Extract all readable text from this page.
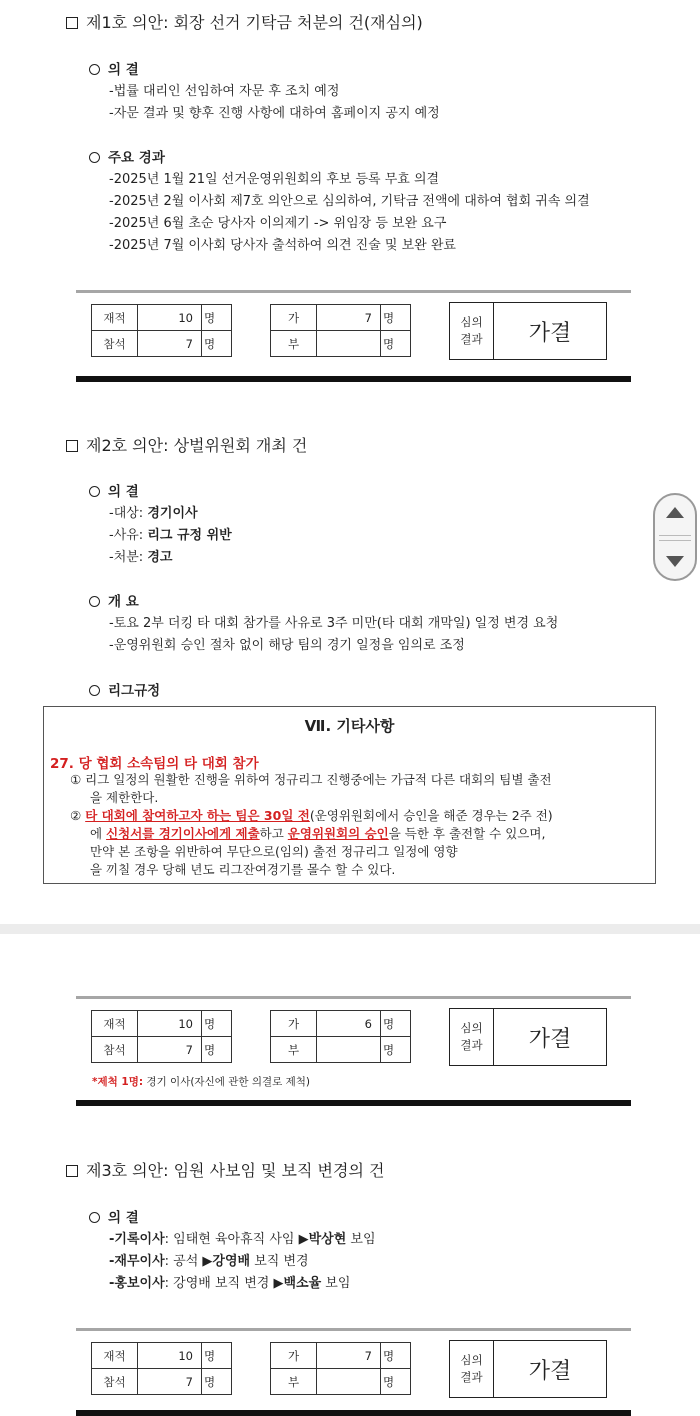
제1호 의안: 회장 선거 기탁금 처분의 건(재심의)
의 결
-법률 대리인 선임하여 자문 후 조치 예정
-자문 결과 및 향후 진행 사항에 대하여 홈페이지 공지 예정
주요 경과
-2025년 1월 21일 선거운영위원회의 후보 등록 무효 의결
-2025년 2월 이사회 제7호 의안으로 심의하여, 기탁금 전액에 대하여 협회 귀속 의결
-2025년 6월 초순 당사자 이의제기 -> 위임장 등 보완 요구
-2025년 7월 이사회 당사자 출석하여 의견 진술 및 보완 완료
재적	10	명
참석	7	명
가	7	명
부		명
심의
결과	가결
제2호 의안: 상벌위원회 개최 건
의 결
-대상: 경기이사
-사유: 리그 규정 위반
-처분: 경고
개 요
-토요 2부 더킹 타 대회 참가를 사유로 3주 미만(타 대회 개막일) 일정 변경 요청
-운영위원회 승인 절차 없이 해당 팀의 경기 일정을 임의로 조정
리그규정
Ⅶ. 기타사항
27. 당 협회 소속팀의 타 대회 참가
① 리그 일정의 원활한 진행을 위하여 정규리그 진행중에는 가급적 다른 대회의 팀별 출전
을 제한한다.
② 타 대회에 참여하고자 하는 팀은 30일 전(운영위원회에서 승인을 해준 경우는 2주 전)
에 신청서를 경기이사에게 제출하고 운영위원회의 승인을 득한 후 출전할 수 있으며,
만약 본 조항을 위반하여 무단으로(임의) 출전 정규리그 일정에 영향
을 끼칠 경우 당해 년도 리그잔여경기를 몰수 할 수 있다.
재적	10	명
참석	7	명
가	6	명
부		명
심의
결과	가결
*제척 1명: 경기 이사(자신에 관한 의결로 제척)
제3호 의안: 임원 사보임 및 보직 변경의 건
의 결
-기록이사: 임태현 육아휴직 사임 ▶박상현 보임
-재무이사: 공석 ▶강영배 보직 변경
-홍보이사: 강영배 보직 변경 ▶백소율 보임
재적	10	명
참석	7	명
가	7	명
부		명
심의
결과	가결
